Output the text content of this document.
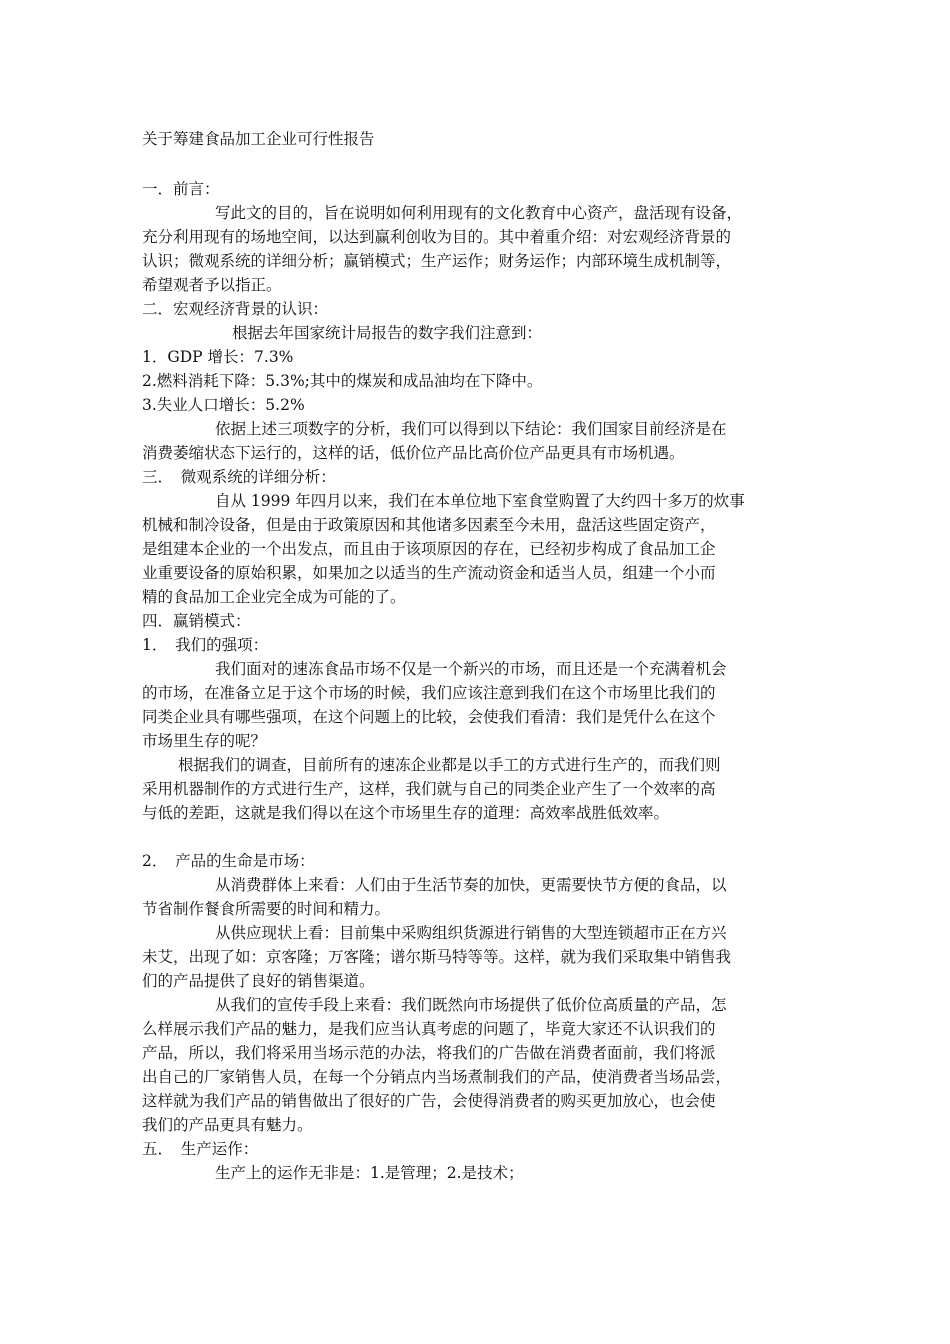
关于筹建食品加工企业可行性报告
一．前言：
写此文的目的，旨在说明如何利用现有的文化教育中心资产，盘活现有设备，
充分利用现有的场地空间，以达到赢利创收为目的。其中着重介绍：对宏观经济背景的
认识；微观系统的详细分析；赢销模式；生产运作；财务运作；内部环境生成机制等，
希望观者予以指正。
二．宏观经济背景的认识：
根据去年国家统计局报告的数字我们注意到：
1．GDP 增长：7.3%
2.燃料消耗下降：5.3%;其中的煤炭和成品油均在下降中。
3.失业人口增长：5.2%
依据上述三项数字的分析，我们可以得到以下结论：我们国家目前经济是在
消费萎缩状态下运行的，这样的话，低价位产品比高价位产品更具有市场机遇。
三．　微观系统的详细分析：
自从 1999 年四月以来，我们在本单位地下室食堂购置了大约四十多万的炊事
机械和制冷设备，但是由于政策原因和其他诸多因素至今未用，盘活这些固定资产，
是组建本企业的一个出发点，而且由于该项原因的存在，已经初步构成了食品加工企
业重要设备的原始积累，如果加之以适当的生产流动资金和适当人员，组建一个小而
精的食品加工企业完全成为可能的了。
四．赢销模式：
1．　我们的强项：
我们面对的速冻食品市场不仅是一个新兴的市场，而且还是一个充满着机会
的市场，在准备立足于这个市场的时候，我们应该注意到我们在这个市场里比我们的
同类企业具有哪些强项，在这个问题上的比较，会使我们看清：我们是凭什么在这个
市场里生存的呢？
根据我们的调查，目前所有的速冻企业都是以手工的方式进行生产的，而我们则
采用机器制作的方式进行生产，这样，我们就与自己的同类企业产生了一个效率的高
与低的差距，这就是我们得以在这个市场里生存的道理：高效率战胜低效率。
2．　产品的生命是市场：
从消费群体上来看：人们由于生活节奏的加快，更需要快节方便的食品，以
节省制作餐食所需要的时间和精力。
从供应现状上看：目前集中采购组织货源进行销售的大型连锁超市正在方兴
未艾，出现了如：京客隆；万客隆；谱尔斯马特等等。这样，就为我们采取集中销售我
们的产品提供了良好的销售渠道。
从我们的宣传手段上来看：我们既然向市场提供了低价位高质量的产品，怎
么样展示我们产品的魅力，是我们应当认真考虑的问题了，毕竟大家还不认识我们的
产品，所以，我们将采用当场示范的办法，将我们的广告做在消费者面前，我们将派
出自己的厂家销售人员，在每一个分销点内当场煮制我们的产品，使消费者当场品尝，
这样就为我们产品的销售做出了很好的广告，会使得消费者的购买更加放心，也会使
我们的产品更具有魅力。
五．　生产运作：
生产上的运作无非是：1.是管理；2.是技术；
